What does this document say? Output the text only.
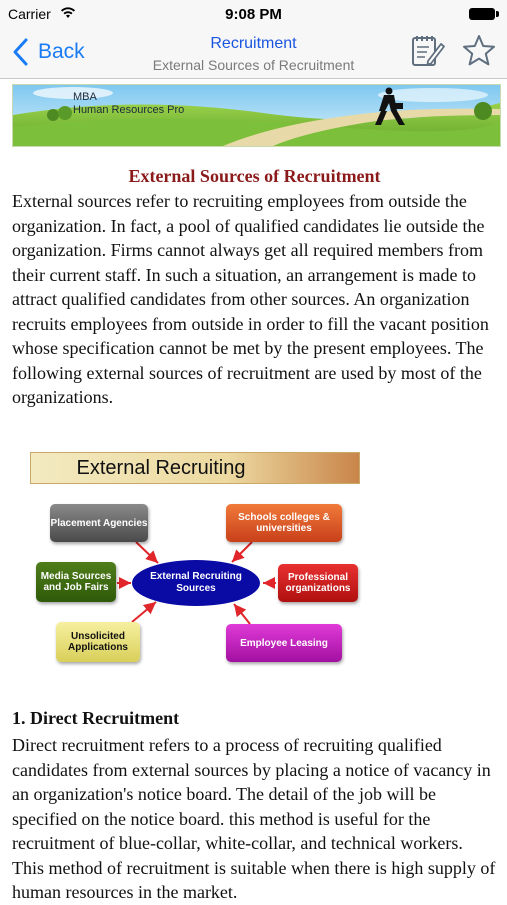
Carrier	9:08 PM
Back	Recruitment
External Sources of Recruitment
MBA
Human Resources Pro
External Sources of Recruitment

External sources refer to recruiting employees from outside the organization. In fact, a pool of qualified candidates lie outside the organization. Firms cannot always get all required members from their current staff. In such a situation, an arrangement is made to attract qualified candidates from other sources. An organization recruits employees from outside in order to fill the vacant position whose specification cannot be met by the present employees. The following external sources of recruitment are used by most of the organizations.

External Recruiting
Placement Agencies	Schools colleges & universities
Media Sources and Job Fairs
Professional organizations
Unsolicited Applications	Employee Leasing
External Recruiting Sources
1. Direct Recruitment

Direct recruitment refers to a process of recruiting qualified candidates from external sources by placing a notice of vacancy in an organization's notice board. The detail of the job will be specified on the notice board. this method is useful for the recruitment of blue-collar, white-collar, and technical workers. This method of recruitment is suitable when there is high supply of human resources in the market.
